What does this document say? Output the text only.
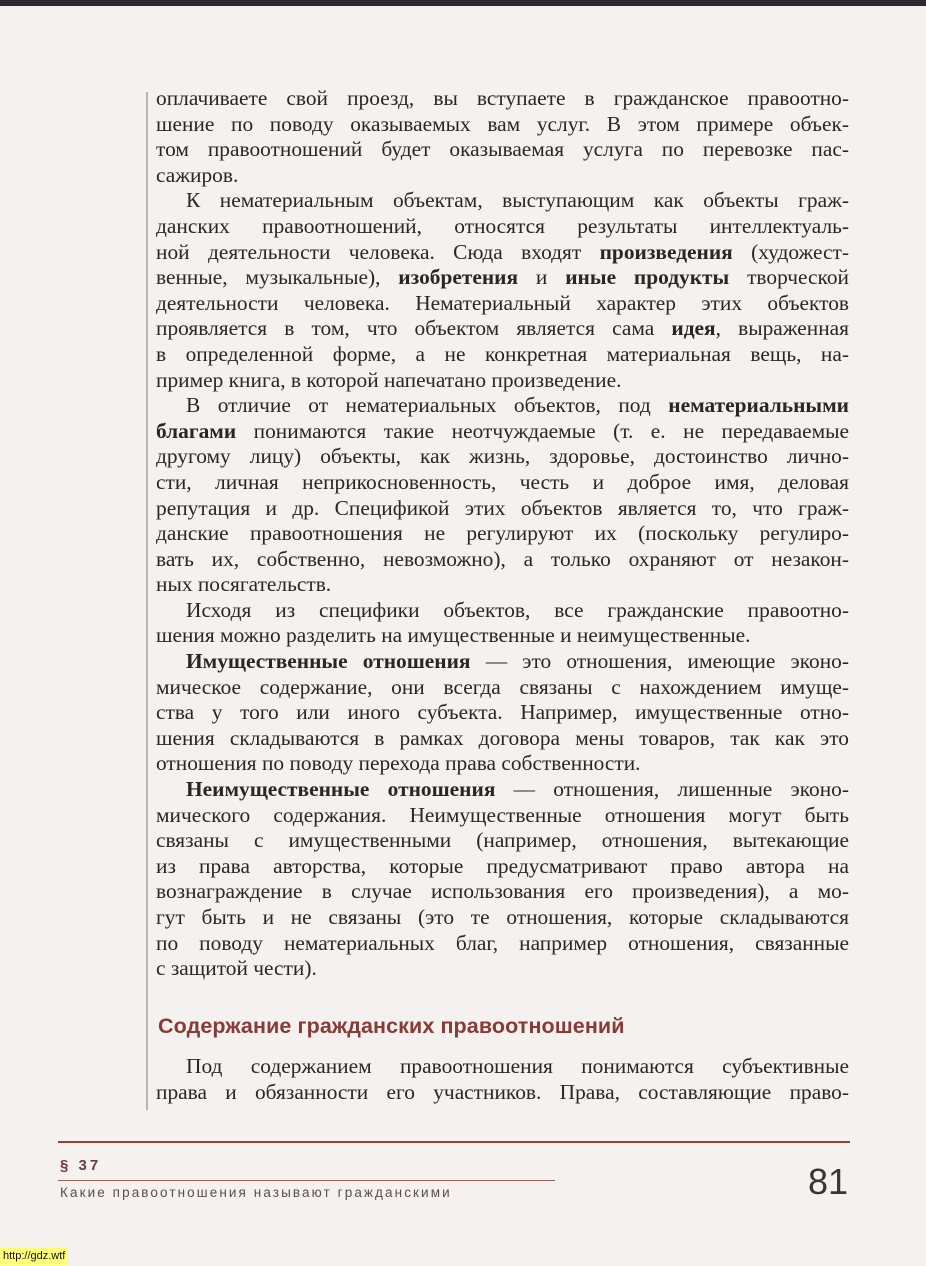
оплачиваете свой проезд, вы вступаете в гражданское правоотно-
шение по поводу оказываемых вам услуг. В этом примере объек-
том правоотношений будет оказываемая услуга по перевозке пас-
сажиров.

К нематериальным объектам, выступающим как объекты граж-
данских правоотношений, относятся результаты интеллектуаль-
ной деятельности человека. Сюда входят произведения (художест-
венные, музыкальные), изобретения и иные продукты творческой
деятельности человека. Нематериальный характер этих объектов
проявляется в том, что объектом является сама идея, выраженная
в определенной форме, а не конкретная материальная вещь, на-
пример книга, в которой напечатано произведение.

В отличие от нематериальных объектов, под нематериальными
благами понимаются такие неотчуждаемые (т. е. не передаваемые
другому лицу) объекты, как жизнь, здоровье, достоинство лично-
сти, личная неприкосновенность, честь и доброе имя, деловая
репутация и др. Спецификой этих объектов является то, что граж-
данские правоотношения не регулируют их (поскольку регулиро-
вать их, собственно, невозможно), а только охраняют от незакон-
ных посягательств.

Исходя из специфики объектов, все гражданские правоотно-
шения можно разделить на имущественные и неимущественные.

Имущественные отношения — это отношения, имеющие эконо-
мическое содержание, они всегда связаны с нахождением имуще-
ства у того или иного субъекта. Например, имущественные отно-
шения складываются в рамках договора мены товаров, так как это
отношения по поводу перехода права собственности.

Неимущественные отношения — отношения, лишенные эконо-
мического содержания. Неимущественные отношения могут быть
связаны с имущественными (например, отношения, вытекающие
из права авторства, которые предусматривают право автора на
вознаграждение в случае использования его произведения), а мо-
гут быть и не связаны (это те отношения, которые складываются
по поводу нематериальных благ, например отношения, связанные
с защитой чести).

Содержание гражданских правоотношений

Под содержанием правоотношения понимаются субъективные
права и обязанности его участников. Права, составляющие право-

§ 37
Какие правоотношения называют гражданскими	81
http://gdz.wtf
